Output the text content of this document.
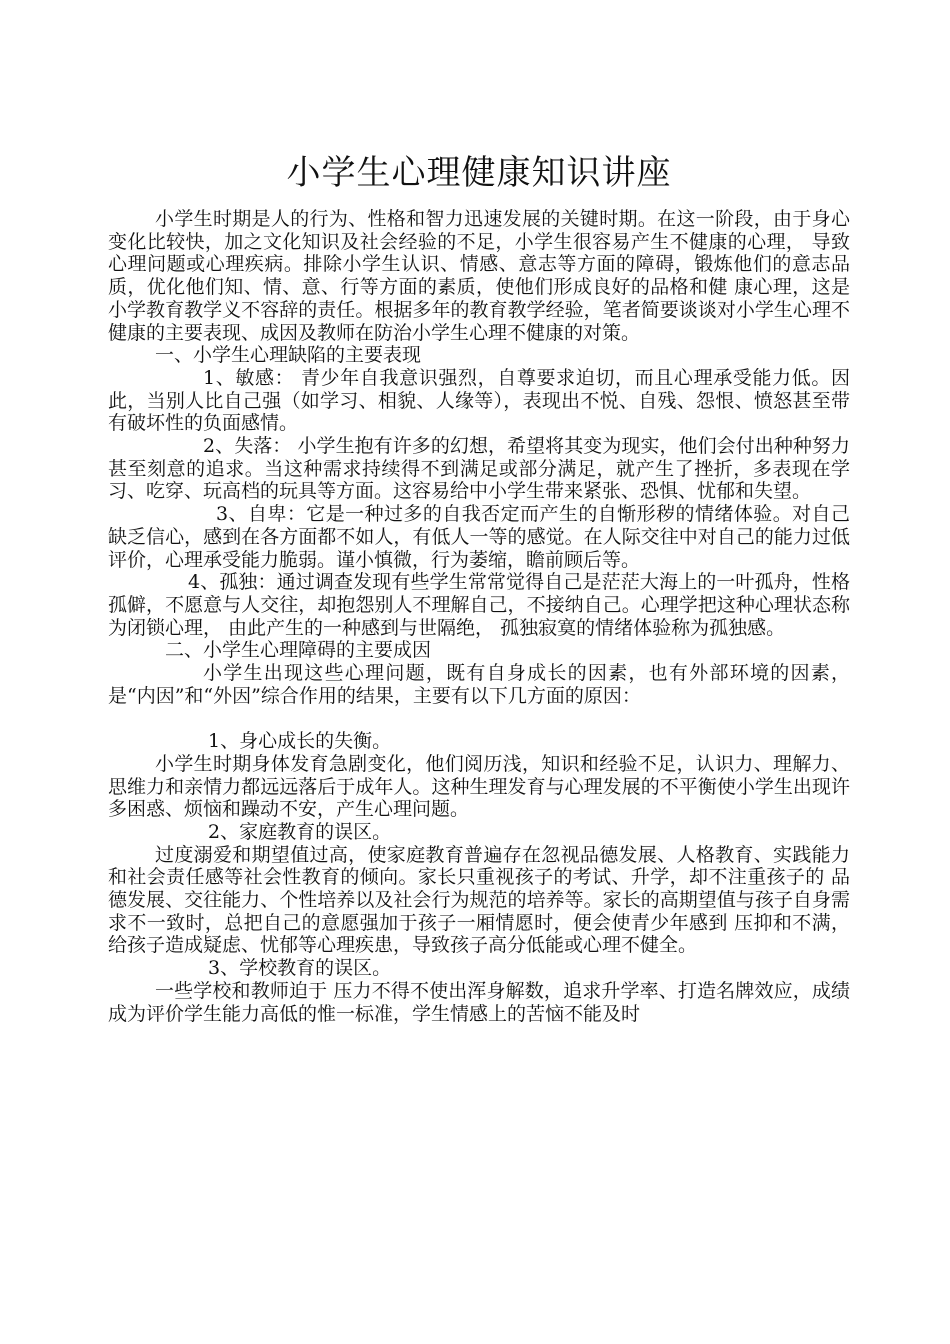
小学生心理健康知识讲座

小学生时期是人的行为、性格和智力迅速发展的关键时期。在这一阶段，由于身心变化比较快，加之文化知识及社会经验的不足，小学生很容易产生不健康的心理， 导致心理问题或心理疾病。排除小学生认识、情感、意志等方面的障碍，锻炼他们的意志品质，优化他们知、情、意、行等方面的素质，使他们形成良好的品格和健 康心理，这是小学教育教学义不容辞的责任。根据多年的教育教学经验，笔者简要谈谈对小学生心理不健康的主要表现、成因及教师在防治小学生心理不健康的对策。

一、小学生心理缺陷的主要表现

1、敏感： 青少年自我意识强烈，自尊要求迫切，而且心理承受能力低。因此，当别人比自己强（如学习、相貌、人缘等），表现出不悦、自残、怨恨、愤怒甚至带有破坏性的负面感情。

2、失落： 小学生抱有许多的幻想，希望将其变为现实，他们会付出种种努力甚至刻意的追求。当这种需求持续得不到满足或部分满足，就产生了挫折，多表现在学习、吃穿、玩高档的玩具等方面。这容易给中小学生带来紧张、恐惧、忧郁和失望。

3、自卑：它是一种过多的自我否定而产生的自惭形秽的情绪体验。对自己缺乏信心，感到在各方面都不如人，有低人一等的感觉。在人际交往中对自己的能力过低评价，心理承受能力脆弱。谨小慎微，行为萎缩，瞻前顾后等。

4、孤独：通过调查发现有些学生常常觉得自己是茫茫大海上的一叶孤舟，性格孤僻，不愿意与人交往，却抱怨别人不理解自己，不接纳自己。心理学把这种心理状态称为闭锁心理， 由此产生的一种感到与世隔绝， 孤独寂寞的情绪体验称为孤独感。

二、小学生心理障碍的主要成因

小学生出现这些心理问题，既有自身成长的因素，也有外部环境的因素，是“内因”和“外因”综合作用的结果，主要有以下几方面的原因：

1、身心成长的失衡。

小学生时期身体发育急剧变化，他们阅历浅，知识和经验不足，认识力、理解力、思维力和亲情力都远远落后于成年人。这种生理发育与心理发展的不平衡使小学生出现许多困惑、烦恼和躁动不安，产生心理问题。

2、家庭教育的误区。

过度溺爱和期望值过高，使家庭教育普遍存在忽视品德发展、人格教育、实践能力和社会责任感等社会性教育的倾向。家长只重视孩子的考试、升学，却不注重孩子的 品德发展、交往能力、个性培养以及社会行为规范的培养等。家长的高期望值与孩子自身需求不一致时，总把自己的意愿强加于孩子一厢情愿时，便会使青少年感到 压抑和不满，给孩子造成疑虑、忧郁等心理疾患，导致孩子高分低能或心理不健全。

3、学校教育的误区。

一些学校和教师迫于 压力不得不使出浑身解数，追求升学率、打造名牌效应，成绩成为评价学生能力高低的惟一标准，学生情感上的苦恼不能及时
